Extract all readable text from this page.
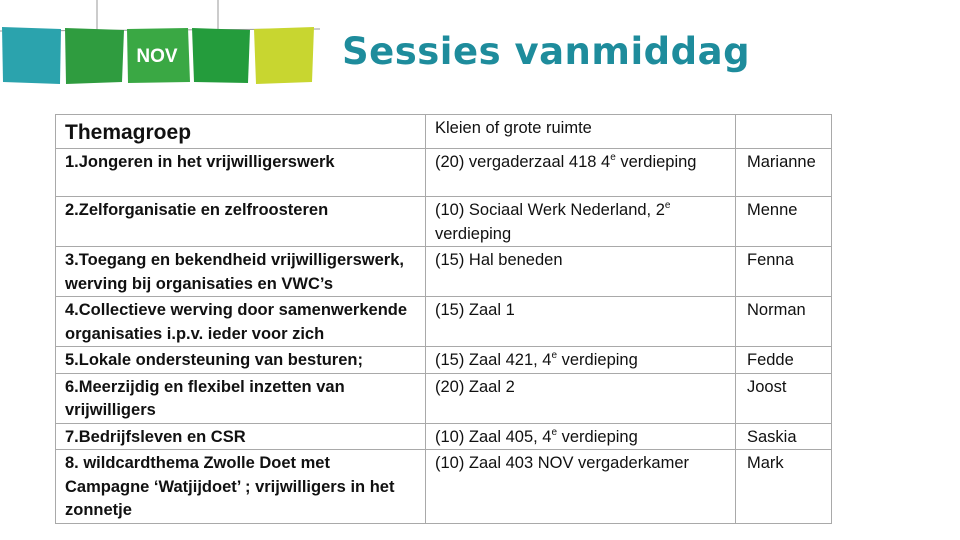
NOV	Sessies vanmiddag
Themagroep	Kleien of grote ruimte	
1.Jongeren in het vrijwilligerswerk	(20) vergaderzaal 418 4e verdieping	Marianne
2.Zelforganisatie en zelfroosteren	(10) Sociaal Werk Nederland, 2e verdieping	Menne
3.Toegang en bekendheid vrijwilligerswerk, werving bij organisaties en VWC’s	(15) Hal beneden	Fenna
4.Collectieve werving door samenwerkende organisaties i.p.v. ieder voor zich	(15) Zaal 1	Norman
5.Lokale ondersteuning van besturen;	(15) Zaal 421, 4e verdieping	Fedde
6.Meerzijdig en flexibel inzetten van vrijwilligers	(20) Zaal 2	Joost
7.Bedrijfsleven en CSR	(10) Zaal 405, 4e verdieping	Saskia
8. wildcardthema Zwolle Doet met Campagne ‘Watjijdoet’ ; vrijwilligers in het zonnetje	(10) Zaal 403 NOV vergaderkamer	Mark
